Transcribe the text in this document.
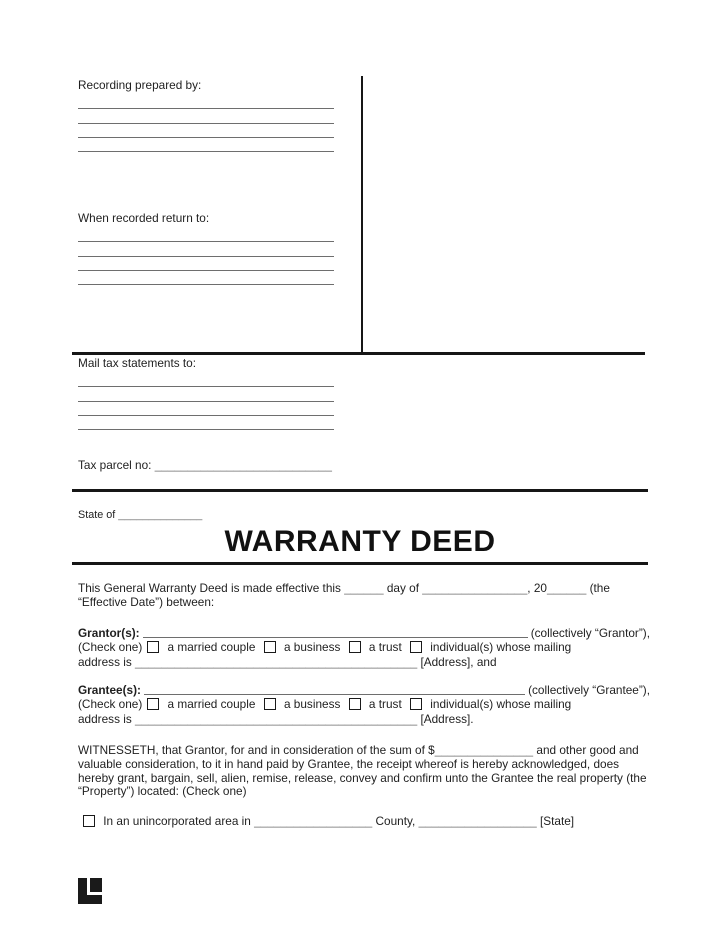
Recording prepared by:
When recorded return to:
Mail tax statements to:
Tax parcel no: ___________________________
State of ______________
WARRANTY DEED
This General Warranty Deed is made effective this ______ day of ________________, 20______ (the
“Effective Date”) between:
Grantor(s):	(collectively “Grantor”),
(Check one) a married couple  a business  a trust  individual(s) whose mailing
address is ___________________________________________ [Address], and
Grantee(s):	(collectively “Grantee”),
(Check one) a married couple  a business  a trust  individual(s) whose mailing
address is ___________________________________________ [Address].
WITNESSETH, that Grantor, for and in consideration of the sum of $_______________ and other good and valuable consideration, to it in hand paid by Grantee, the receipt whereof is hereby acknowledged, does hereby grant, bargain, sell, alien, remise, release, convey and confirm unto the Grantee the real property (the “Property”) located: (Check one)
In an unincorporated area in __________________ County, __________________ [State]
